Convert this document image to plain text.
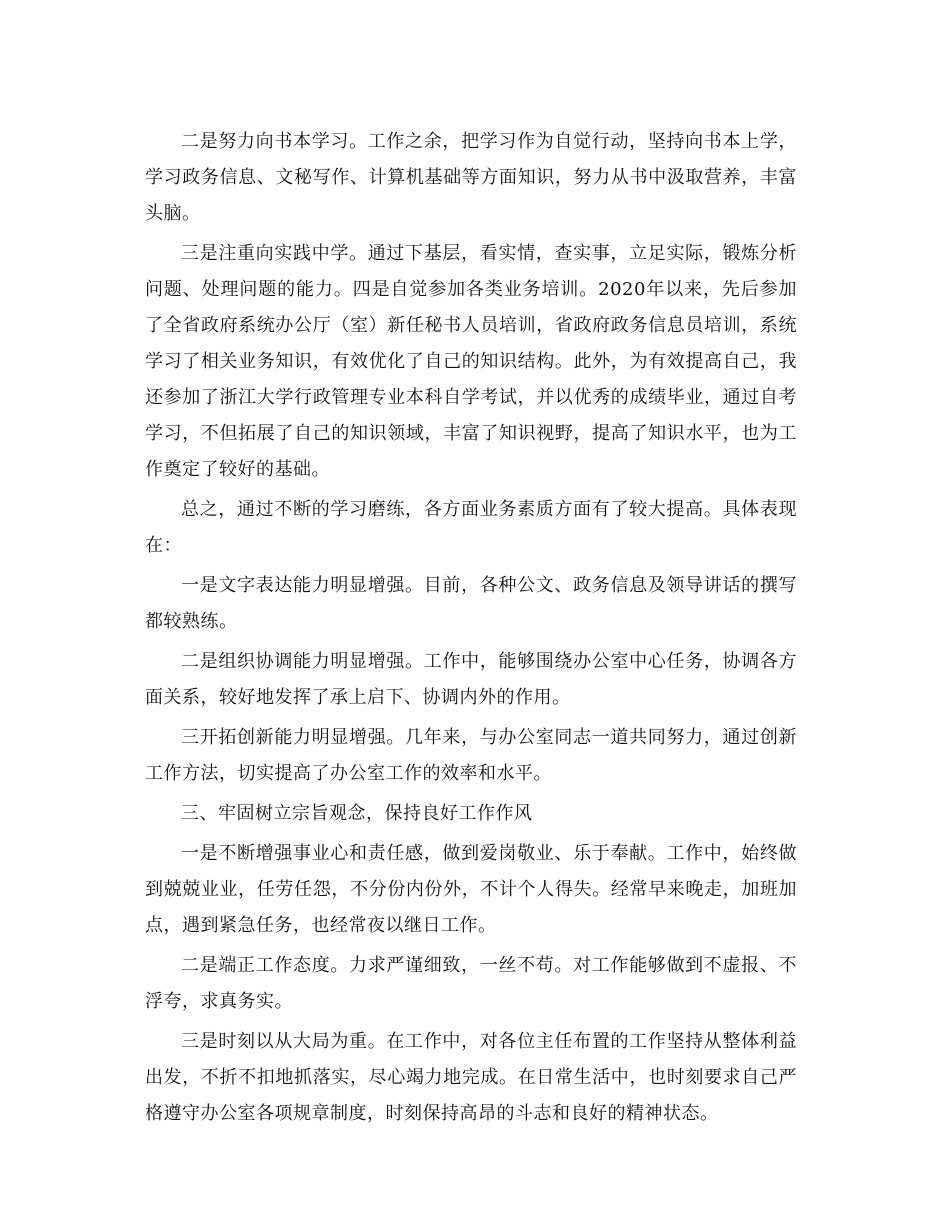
二是努力向书本学习。工作之余，把学习作为自觉行动，坚持向书本上学，学习政务信息、文秘写作、计算机基础等方面知识，努力从书中汲取营养，丰富头脑。

三是注重向实践中学。通过下基层，看实情，查实事，立足实际，锻炼分析问题、处理问题的能力。四是自觉参加各类业务培训。2020年以来，先后参加了全省政府系统办公厅（室）新任秘书人员培训，省政府政务信息员培训，系统学习了相关业务知识，有效优化了自己的知识结构。此外，为有效提高自己，我还参加了浙江大学行政管理专业本科自学考试，并以优秀的成绩毕业，通过自考学习，不但拓展了自己的知识领域，丰富了知识视野，提高了知识水平，也为工作奠定了较好的基础。

总之，通过不断的学习磨练，各方面业务素质方面有了较大提高。具体表现在：

一是文字表达能力明显增强。目前，各种公文、政务信息及领导讲话的撰写都较熟练。

二是组织协调能力明显增强。工作中，能够围绕办公室中心任务，协调各方面关系，较好地发挥了承上启下、协调内外的作用。

三开拓创新能力明显增强。几年来，与办公室同志一道共同努力，通过创新工作方法，切实提高了办公室工作的效率和水平。

三、牢固树立宗旨观念，保持良好工作作风

一是不断增强事业心和责任感，做到爱岗敬业、乐于奉献。工作中，始终做到兢兢业业，任劳任怨，不分份内份外，不计个人得失。经常早来晚走，加班加点，遇到紧急任务，也经常夜以继日工作。

二是端正工作态度。力求严谨细致，一丝不苟。对工作能够做到不虚报、不浮夸，求真务实。

三是时刻以从大局为重。在工作中，对各位主任布置的工作坚持从整体利益出发，不折不扣地抓落实，尽心竭力地完成。在日常生活中，也时刻要求自己严格遵守办公室各项规章制度，时刻保持高昂的斗志和良好的精神状态。
